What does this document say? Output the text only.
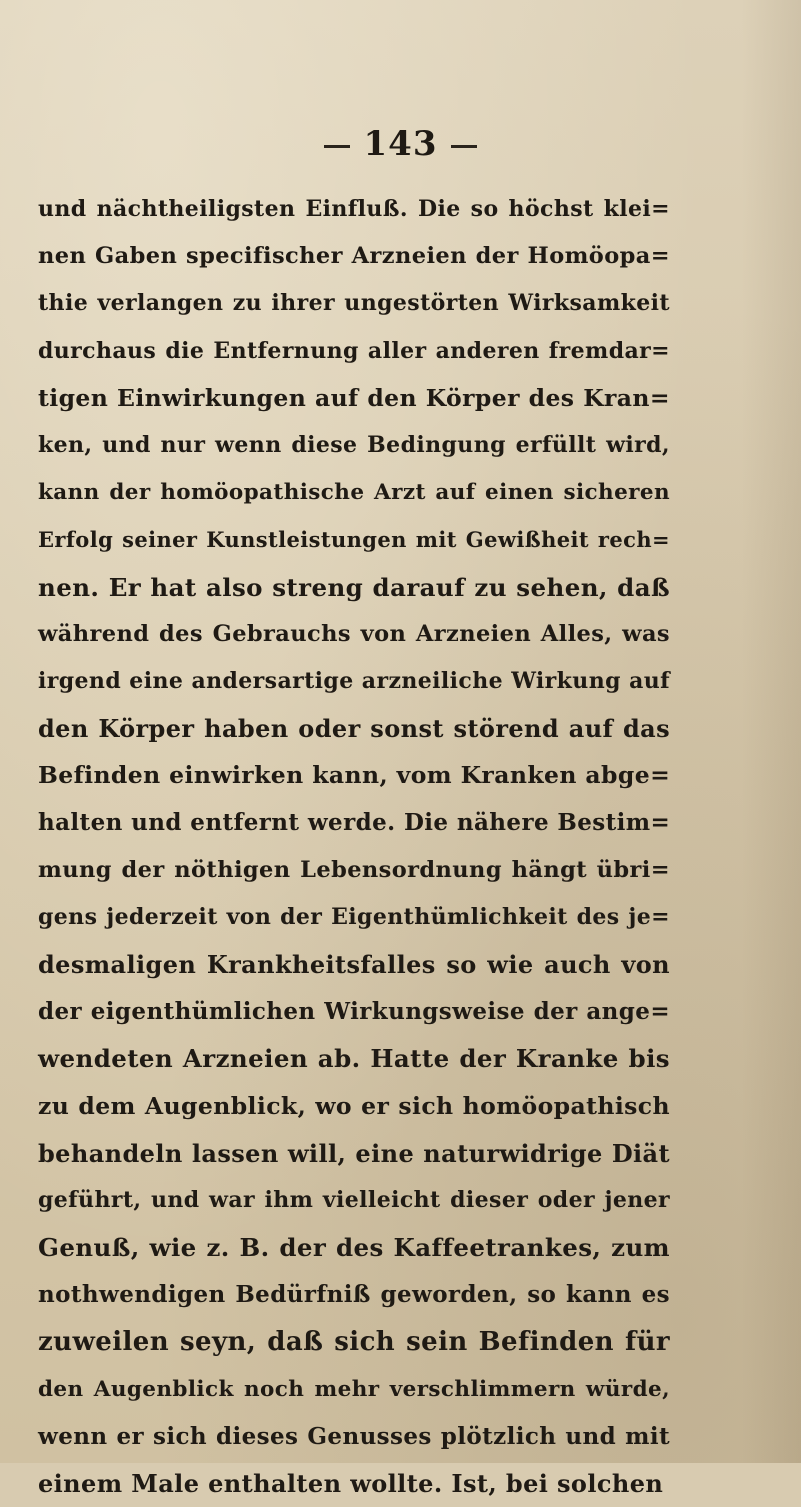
143
und nächtheiligsten Einfluß. Die so höchst klei=
nen Gaben specifischer Arzneien der Homöopa=
thie verlangen zu ihrer ungestörten Wirksamkeit
durchaus die Entfernung aller anderen fremdar=
tigen Einwirkungen auf den Körper des Kran=
ken, und nur wenn diese Bedingung erfüllt wird,
kann der homöopathische Arzt auf einen sicheren
Erfolg seiner Kunstleistungen mit Gewißheit rech=
nen. Er hat also streng darauf zu sehen, daß
während des Gebrauchs von Arzneien Alles, was
irgend eine andersartige arzneiliche Wirkung auf
den Körper haben oder sonst störend auf das
Befinden einwirken kann, vom Kranken abge=
halten und entfernt werde. Die nähere Bestim=
mung der nöthigen Lebensordnung hängt übri=
gens jederzeit von der Eigenthümlichkeit des je=
desmaligen Krankheitsfalles so wie auch von
der eigenthümlichen Wirkungsweise der ange=
wendeten Arzneien ab. Hatte der Kranke bis
zu dem Augenblick, wo er sich homöopathisch
behandeln lassen will, eine naturwidrige Diät
geführt, und war ihm vielleicht dieser oder jener
Genuß, wie z. B. der des Kaffeetrankes, zum
nothwendigen Bedürfniß geworden, so kann es
zuweilen seyn, daß sich sein Befinden für
den Augenblick noch mehr verschlimmern würde,
wenn er sich dieses Genusses plötzlich und mit
einem Male enthalten wollte. Ist, bei solchen
